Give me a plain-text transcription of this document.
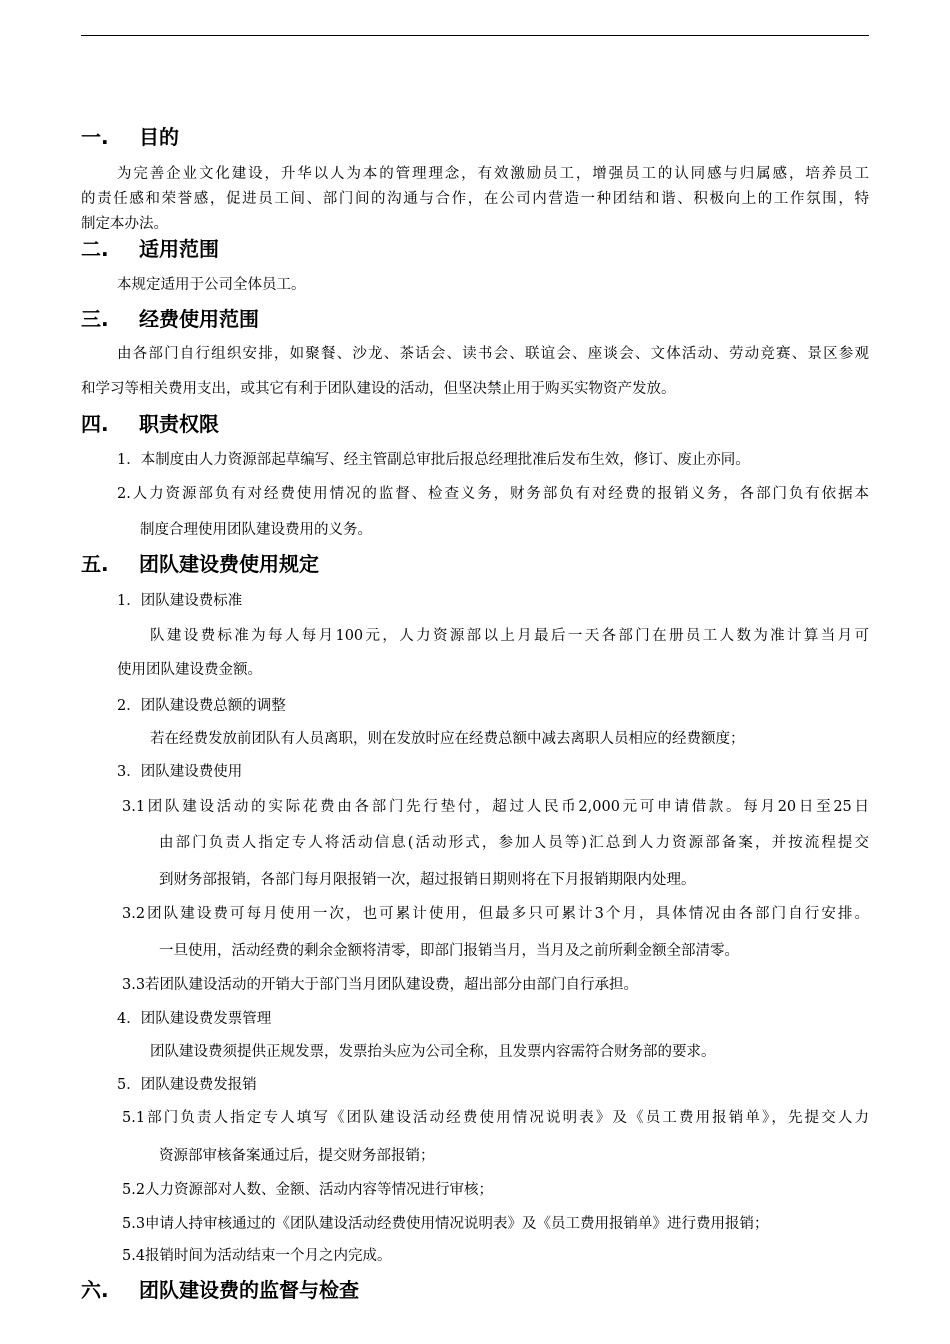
一. 目的
为完善企业文化建设，升华以人为本的管理理念，有效激励员工，增强员工的认同感与归属感，培养员工
的责任感和荣誉感，促进员工间、部门间的沟通与合作，在公司内营造一种团结和谐、积极向上的工作氛围，特
制定本办法。
二. 适用范围
本规定适用于公司全体员工。
三. 经费使用范围
由各部门自行组织安排，如聚餐、沙龙、茶话会、读书会、联谊会、座谈会、文体活动、劳动竞赛、景区参观
和学习等相关费用支出，或其它有利于团队建设的活动，但坚决禁止用于购买实物资产发放。
四. 职责权限
1．本制度由人力资源部起草编写、经主管副总审批后报总经理批准后发布生效，修订、废止亦同。
2.人力资源部负有对经费使用情况的监督、检查义务，财务部负有对经费的报销义务，各部门负有依据本
制度合理使用团队建设费用的义务。
五. 团队建设费使用规定
1．团队建设费标准
队建设费标准为每人每月100元，人力资源部以上月最后一天各部门在册员工人数为准计算当月可
使用团队建设费金额。
2．团队建设费总额的调整
若在经费发放前团队有人员离职，则在发放时应在经费总额中减去离职人员相应的经费额度；
3．团队建设费使用
3.1团队建设活动的实际花费由各部门先行垫付，超过人民币2,000元可申请借款。每月20日至25日
由部门负责人指定专人将活动信息(活动形式，参加人员等)汇总到人力资源部备案，并按流程提交
到财务部报销，各部门每月限报销一次，超过报销日期则将在下月报销期限内处理。
3.2团队建设费可每月使用一次，也可累计使用，但最多只可累计3个月，具体情况由各部门自行安排。
一旦使用，活动经费的剩余金额将清零，即部门报销当月，当月及之前所剩金额全部清零。
3.3若团队建设活动的开销大于部门当月团队建设费，超出部分由部门自行承担。
4．团队建设费发票管理
团队建设费须提供正规发票，发票抬头应为公司全称，且发票内容需符合财务部的要求。
5．团队建设费发报销
5.1部门负责人指定专人填写《团队建设活动经费使用情况说明表》及《员工费用报销单》，先提交人力
资源部审核备案通过后，提交财务部报销；
5.2人力资源部对人数、金额、活动内容等情况进行审核；
5.3申请人持审核通过的《团队建设活动经费使用情况说明表》及《员工费用报销单》进行费用报销；
5.4报销时间为活动结束一个月之内完成。
六. 团队建设费的监督与检查
